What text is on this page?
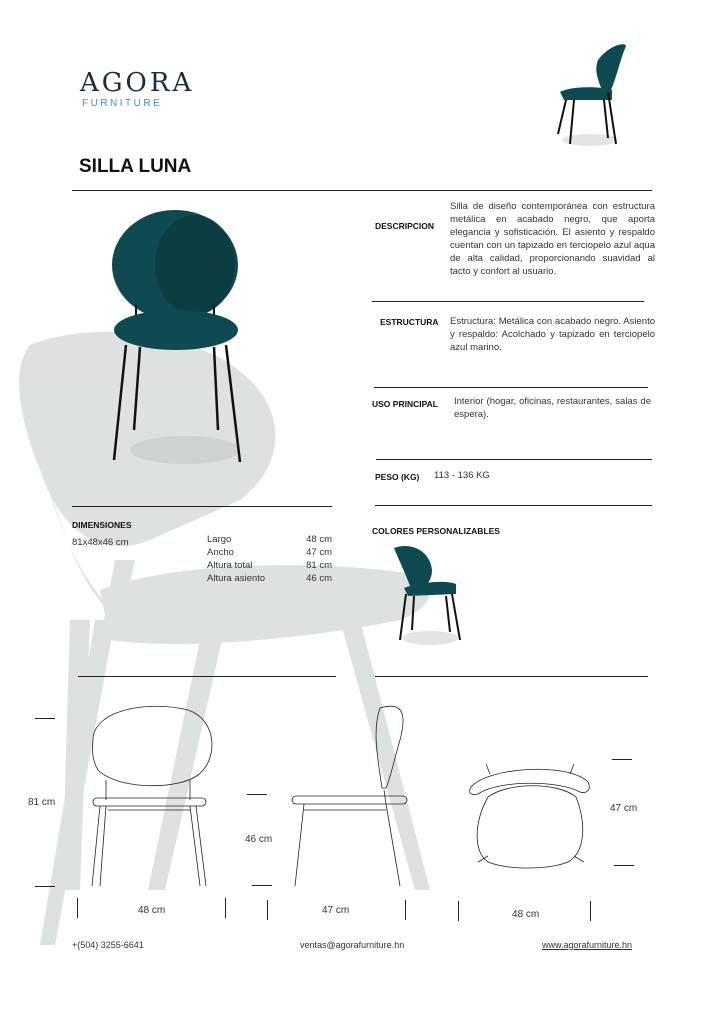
AGORA
FURNITURE
SILLA LUNA
DESCRIPCION
Silla de diseño contemporánea con estructura metálica en acabado negro, que aporta elegancia y sofisticación. El asiento y respaldo cuentan con un tapizado en terciopelo azul aqua de alta calidad, proporcionando suavidad al tacto y confort al usuario.
ESTRUCTURA Estructura: Metálica con acabado negro. Asiento y respaldo: Acolchado y tapizado en terciopelo azul marino.
USO PRINCIPAL Interior (hogar, oficinas, restaurantes, salas de espera).
PESO (KG) 113 - 136 KG
DIMENSIONES
81x48x46 cm	Largo	48 cm
Ancho	47 cm
Altura total	81 cm
Altura asiento	46 cm
COLORES PERSONALIZABLES
81 cm
48 cm
46 cm
47 cm
47 cm
48 cm
+(504) 3255-6641	ventas@agorafurniture.hn	www.agorafurniture.hn
